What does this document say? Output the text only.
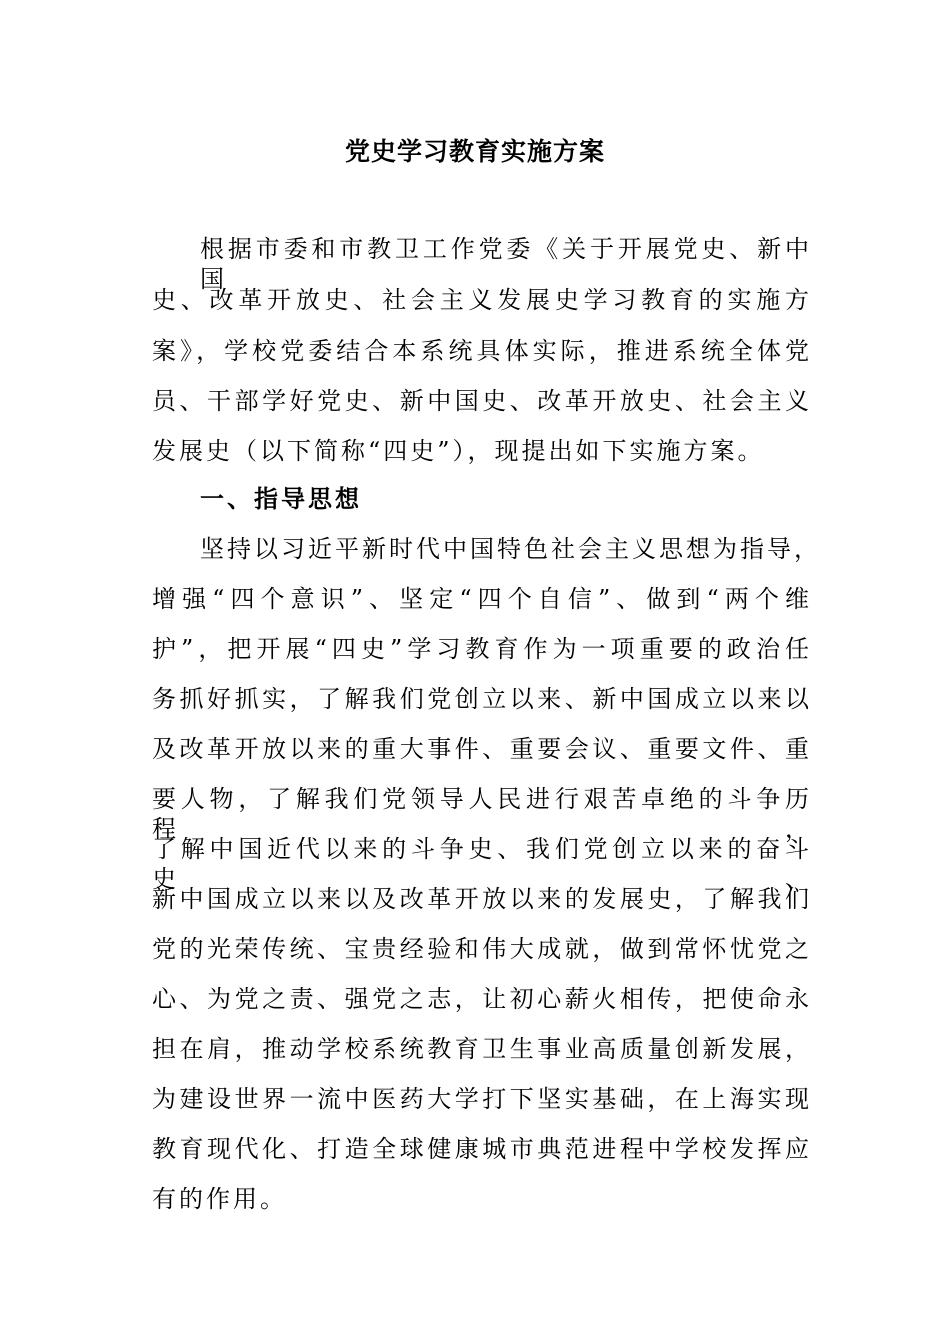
党史学习教育实施方案

根据市委和市教卫工作党委《关于开展党史、新中国

史、改革开放史、社会主义发展史学习教育的实施方

案》，学校党委结合本系统具体实际，推进系统全体党

员、干部学好党史、新中国史、改革开放史、社会主义

发展史（以下简称“四史”），现提出如下实施方案。

一、指导思想

坚持以习近平新时代中国特色社会主义思想为指导，

增强“四个意识”、坚定“四个自信”、做到“两个维

护”，把开展“四史”学习教育作为一项重要的政治任

务抓好抓实，了解我们党创立以来、新中国成立以来以

及改革开放以来的重大事件、重要会议、重要文件、重

要人物，了解我们党领导人民进行艰苦卓绝的斗争历程，

了解中国近代以来的斗争史、我们党创立以来的奋斗史、

新中国成立以来以及改革开放以来的发展史，了解我们

党的光荣传统、宝贵经验和伟大成就，做到常怀忧党之

心、为党之责、强党之志，让初心薪火相传，把使命永

担在肩，推动学校系统教育卫生事业高质量创新发展，

为建设世界一流中医药大学打下坚实基础，在上海实现

教育现代化、打造全球健康城市典范进程中学校发挥应

有的作用。
